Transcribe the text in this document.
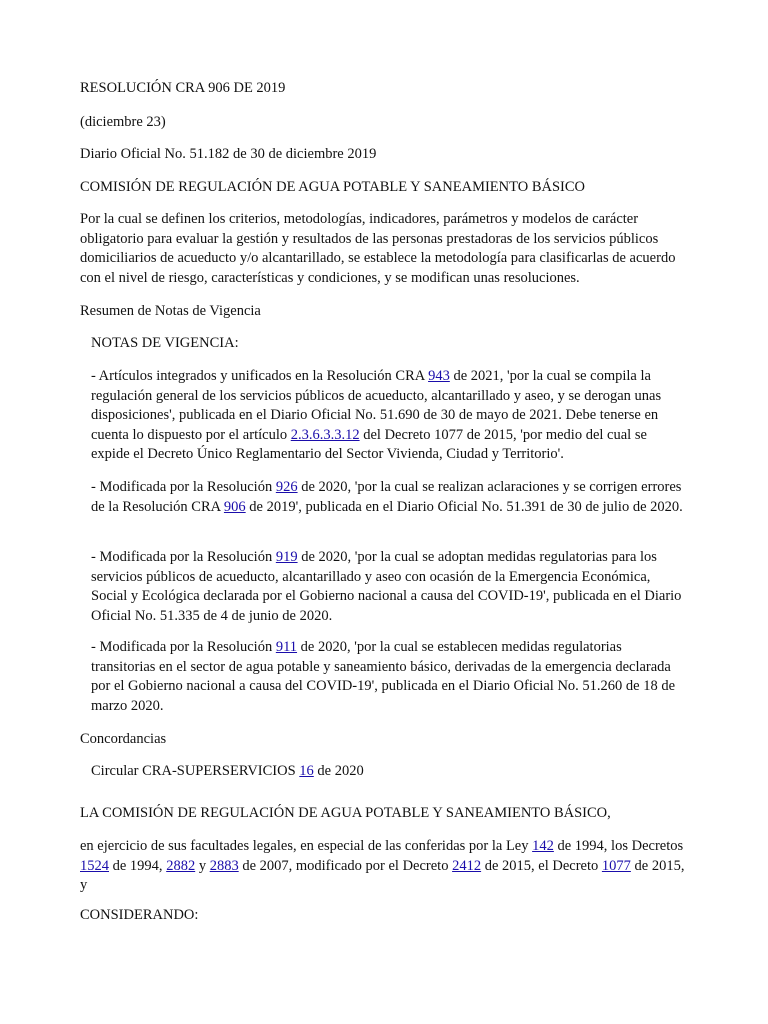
RESOLUCIÓN CRA 906 DE 2019

(diciembre 23)

Diario Oficial No. 51.182 de 30 de diciembre 2019

COMISIÓN DE REGULACIÓN DE AGUA POTABLE Y SANEAMIENTO BÁSICO

Por la cual se definen los criterios, metodologías, indicadores, parámetros y modelos de carácter obligatorio para evaluar la gestión y resultados de las personas prestadoras de los servicios públicos domiciliarios de acueducto y/o alcantarillado, se establece la metodología para clasificarlas de acuerdo con el nivel de riesgo, características y condiciones, y se modifican unas resoluciones.

Resumen de Notas de Vigencia

NOTAS DE VIGENCIA:

- Artículos integrados y unificados en la Resolución CRA 943 de 2021, 'por la cual se compila la regulación general de los servicios públicos de acueducto, alcantarillado y aseo, y se derogan unas disposiciones', publicada en el Diario Oficial No. 51.690 de 30 de mayo de 2021. Debe tenerse en cuenta lo dispuesto por el artículo 2.3.6.3.3.12 del Decreto 1077 de 2015, 'por medio del cual se expide el Decreto Único Reglamentario del Sector Vivienda, Ciudad y Territorio'.

- Modificada por la Resolución 926 de 2020, 'por la cual se realizan aclaraciones y se corrigen errores de la Resolución CRA 906 de 2019', publicada en el Diario Oficial No. 51.391 de 30 de julio de 2020.

- Modificada por la Resolución 919 de 2020, 'por la cual se adoptan medidas regulatorias para los servicios públicos de acueducto, alcantarillado y aseo con ocasión de la Emergencia Económica, Social y Ecológica declarada por el Gobierno nacional a causa del COVID-19', publicada en el Diario Oficial No. 51.335 de 4 de junio de 2020.

- Modificada por la Resolución 911 de 2020, 'por la cual se establecen medidas regulatorias transitorias en el sector de agua potable y saneamiento básico, derivadas de la emergencia declarada por el Gobierno nacional a causa del COVID-19', publicada en el Diario Oficial No. 51.260 de 18 de marzo 2020.

Concordancias

Circular CRA-SUPERSERVICIOS 16 de 2020

LA COMISIÓN DE REGULACIÓN DE AGUA POTABLE Y SANEAMIENTO BÁSICO,

en ejercicio de sus facultades legales, en especial de las conferidas por la Ley 142 de 1994, los Decretos 1524 de 1994, 2882 y 2883 de 2007, modificado por el Decreto 2412 de 2015, el Decreto 1077 de 2015, y

CONSIDERANDO:
